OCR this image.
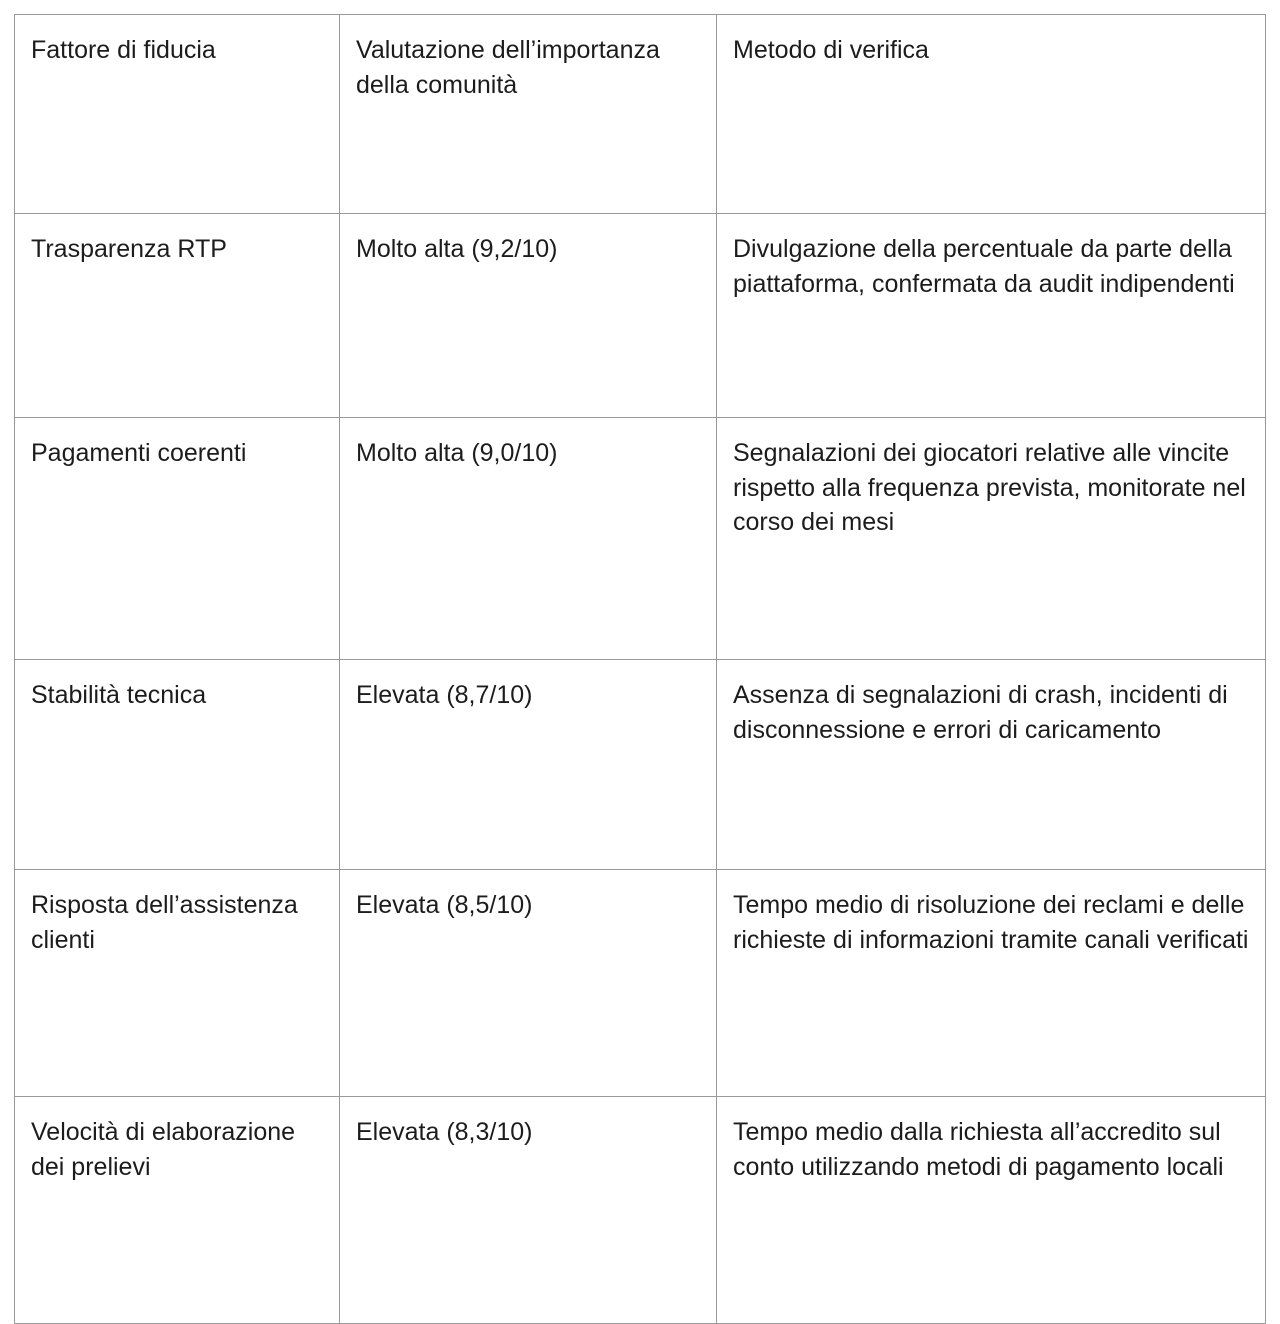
Fattore di fiducia	Valutazione dell’importanza della comunità	Metodo di verifica

Trasparenza RTP	Molto alta (9,2/10)	Divulgazione della percentuale da parte della piattaforma, confermata da audit indipendenti

Pagamenti coerenti	Molto alta (9,0/10)	Segnalazioni dei giocatori relative alle vincite rispetto alla frequenza prevista, monitorate nel corso dei mesi

Stabilità tecnica	Elevata (8,7/10)	Assenza di segnalazioni di crash, incidenti di disconnessione e errori di caricamento

Risposta dell’assistenza clienti	Elevata (8,5/10)	Tempo medio di risoluzione dei reclami e delle richieste di informazioni tramite canali verificati

Velocità di elaborazione dei prelievi	Elevata (8,3/10)	Tempo medio dalla richiesta all’accredito sul conto utilizzando metodi di pagamento locali
